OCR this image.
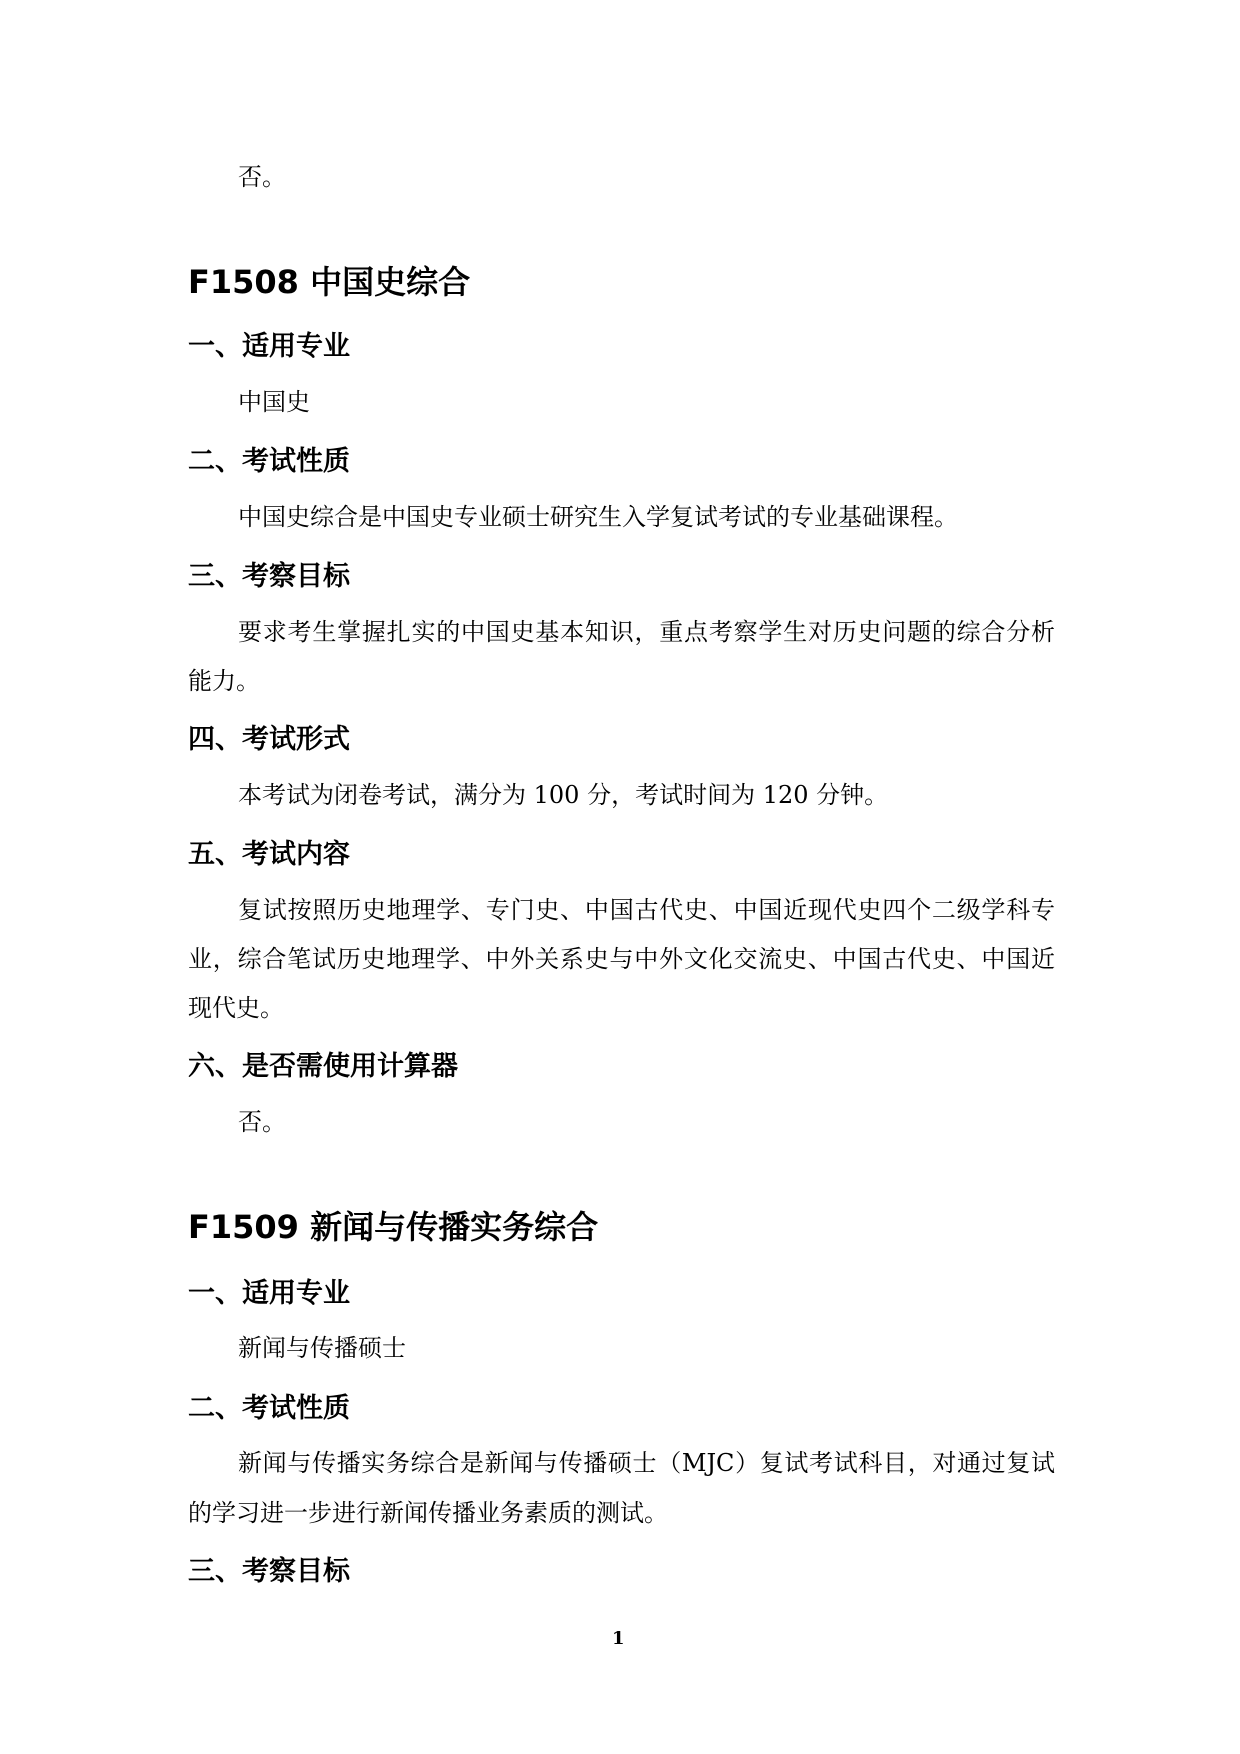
否。
F1508 中国史综合
一、适用专业
中国史
二、考试性质
中国史综合是中国史专业硕士研究生入学复试考试的专业基础课程。
三、考察目标
要求考生掌握扎实的中国史基本知识，重点考察学生对历史问题的综合分析
能力。
四、考试形式
本考试为闭卷考试，满分为 100 分，考试时间为 120 分钟。
五、考试内容
复试按照历史地理学、专门史、中国古代史、中国近现代史四个二级学科专
业，综合笔试历史地理学、中外关系史与中外文化交流史、中国古代史、中国近
现代史。
六、是否需使用计算器
否。
F1509 新闻与传播实务综合
一、适用专业
新闻与传播硕士
二、考试性质
新闻与传播实务综合是新闻与传播硕士（MJC）复试考试科目，对通过复试
的学习进一步进行新闻传播业务素质的测试。
三、考察目标
1
